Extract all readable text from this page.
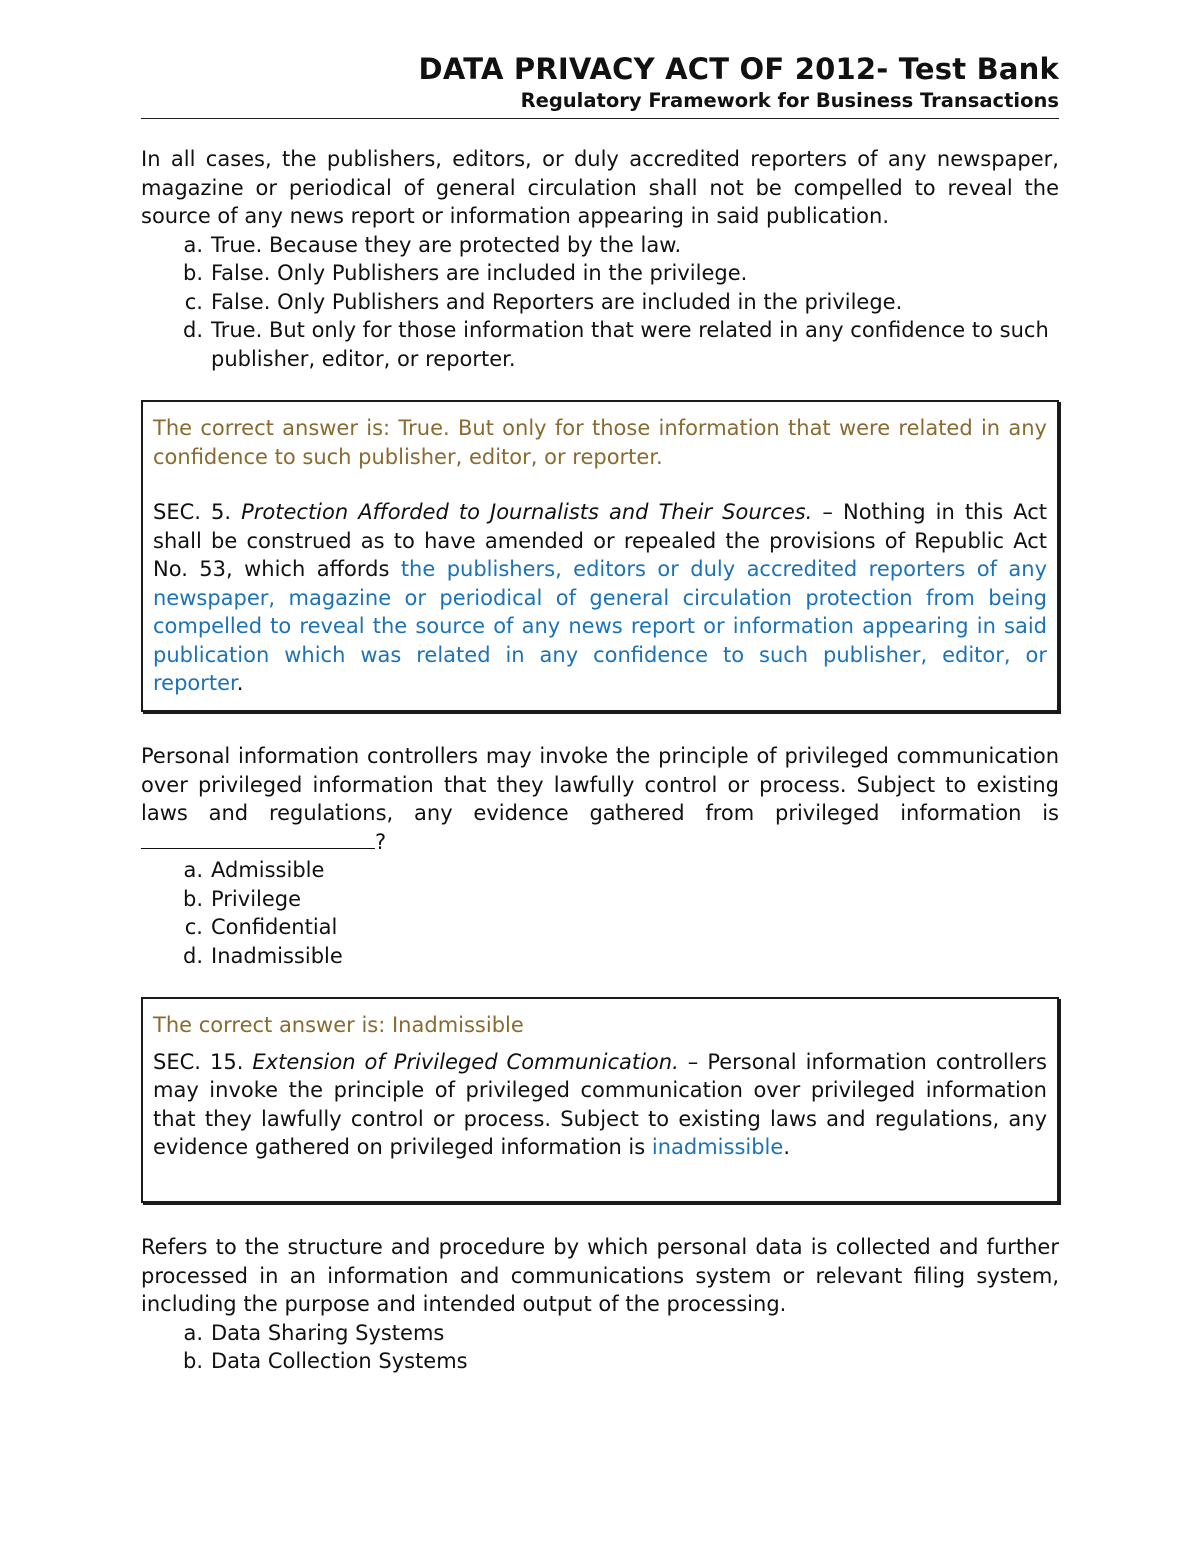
DATA PRIVACY ACT OF 2012- Test Bank
Regulatory Framework for Business Transactions
In all cases, the publishers, editors, or duly accredited reporters of any newspaper, magazine or periodical of general circulation shall not be compelled to reveal the source of any news report or information appearing in said publication.
a. True. Because they are protected by the law.
b. False. Only Publishers are included in the privilege.
c. False. Only Publishers and Reporters are included in the privilege.
d. True. But only for those information that were related in any confidence to such publisher, editor, or reporter.
The correct answer is: True. But only for those information that were related in any confidence to such publisher, editor, or reporter.
SEC. 5. Protection Afforded to Journalists and Their Sources. – Nothing in this Act shall be construed as to have amended or repealed the provisions of Republic Act No. 53, which affords the publishers, editors or duly accredited reporters of any newspaper, magazine or periodical of general circulation protection from being compelled to reveal the source of any news report or information appearing in said publication which was related in any confidence to such publisher, editor, or reporter.
Personal information controllers may invoke the principle of privileged communication over privileged information that they lawfully control or process. Subject to existing laws and regulations, any evidence gathered from privileged information is ?
a. Admissible
b. Privilege
c. Confidential
d. Inadmissible
The correct answer is: Inadmissible
SEC. 15. Extension of Privileged Communication. – Personal information controllers may invoke the principle of privileged communication over privileged information that they lawfully control or process. Subject to existing laws and regulations, any evidence gathered on privileged information is inadmissible.
Refers to the structure and procedure by which personal data is collected and further processed in an information and communications system or relevant filing system, including the purpose and intended output of the processing.
a. Data Sharing Systems
b. Data Collection Systems
